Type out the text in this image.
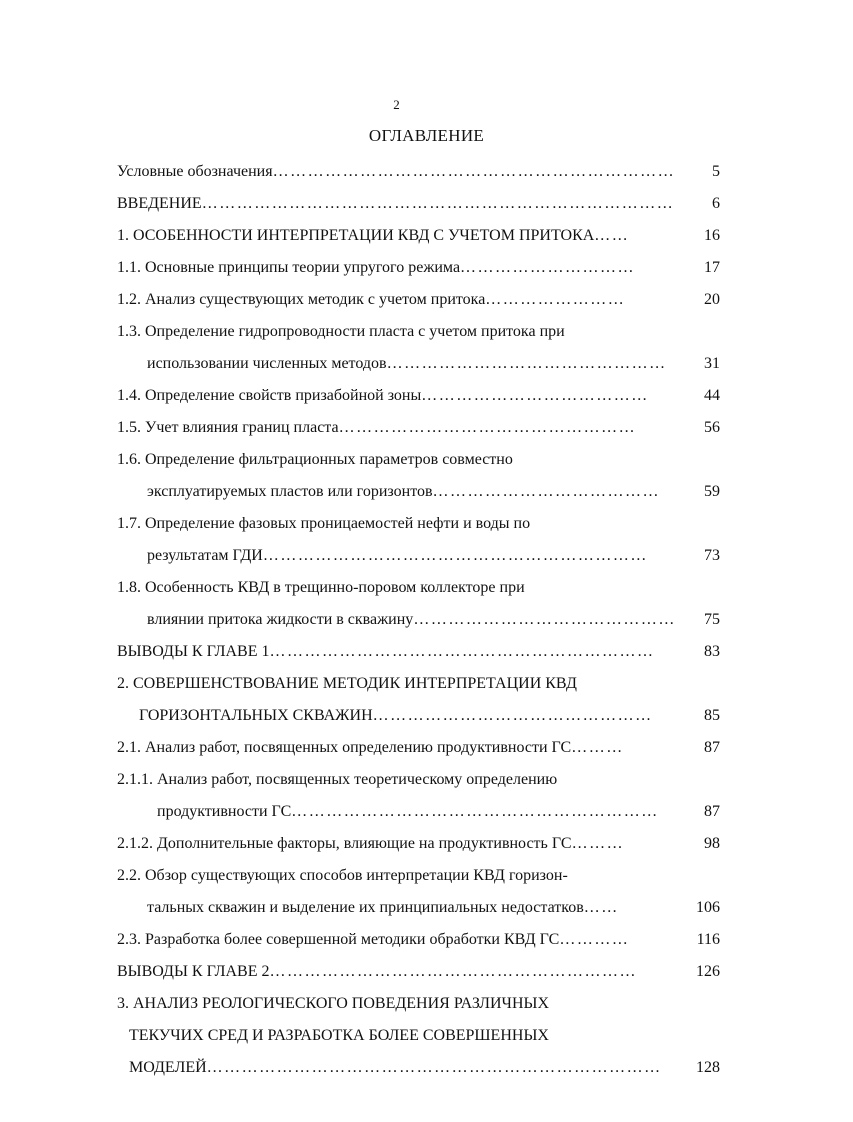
2
ОГЛАВЛЕНИЕ
Условные обозначения……………………………………………………………	5
ВВЕДЕНИЕ………………………………………………………………………	6
1. ОСОБЕННОСТИ ИНТЕРПРЕТАЦИИ КВД С УЧЕТОМ ПРИТОКА……	16
1.1. Основные принципы теории упругого режима…………………………	17
1.2. Анализ существующих методик с учетом притока……………………	20
1.3. Определение гидропроводности пласта с учетом притока при
использовании численных методов…………………………………………	31
1.4. Определение свойств призабойной зоны…………………………………	44
1.5. Учет влияния границ пласта……………………………………………	56
1.6. Определение фильтрационных параметров совместно
эксплуатируемых пластов или горизонтов…………………………………	59
1.7. Определение фазовых проницаемостей нефти и воды по
результатам ГДИ…………………………………………………………	73
1.8. Особенность КВД в трещинно-поровом коллекторе при
влиянии притока жидкости в скважину………………………………………	75
ВЫВОДЫ К ГЛАВЕ 1…………………………………………………………	83
2. СОВЕРШЕНСТВОВАНИЕ МЕТОДИК ИНТЕРПРЕТАЦИИ КВД
ГОРИЗОНТАЛЬНЫХ СКВАЖИН…………………………………………	85
2.1. Анализ работ, посвященных определению продуктивности ГС………	87
2.1.1. Анализ работ, посвященных теоретическому определению
продуктивности ГС………………………………………………………	87
2.1.2. Дополнительные факторы, влияющие на продуктивность ГС………	98
2.2. Обзор существующих способов интерпретации КВД горизон-
тальных скважин и выделение их принципиальных недостатков……	106
2.3. Разработка более совершенной методики обработки КВД ГС…………	116
ВЫВОДЫ К ГЛАВЕ 2………………………………………………………	126
3. АНАЛИЗ РЕОЛОГИЧЕСКОГО ПОВЕДЕНИЯ РАЗЛИЧНЫХ
ТЕКУЧИХ СРЕД И РАЗРАБОТКА БОЛЕЕ СОВЕРШЕННЫХ
МОДЕЛЕЙ……………………………………………………………………	128
